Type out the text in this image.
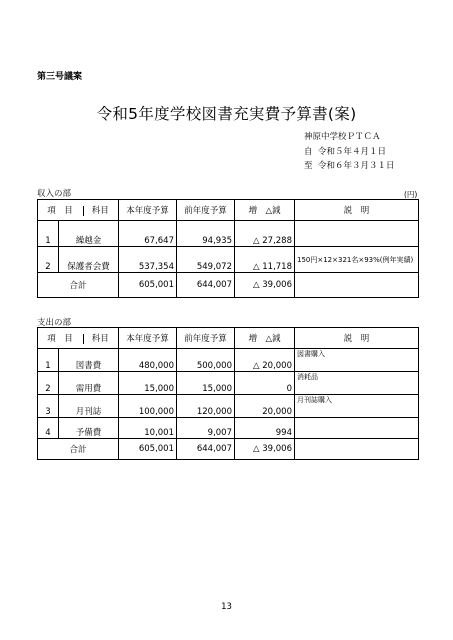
第三号議案
令和5年度学校図書充実費予算書(案)
神原中学校ＰＴＣＡ
自 令和５年４月１日
至 令和６年３月３１日
収入の部	(円)
項　目 科目		本年度予算	前年度予算	増　△減	説　明
1	繰越金	67,647	94,935	△ 27,288	
2	保護者会費	537,354	549,072	△ 11,718	150円×12×321名×93%(例年実績)
合計		605,001	644,007	△ 39,006	
支出の部
項　目 科目		本年度予算	前年度予算	増　△減	説　明
1	図書費	480,000	500,000	△ 20,000	図書購入
2	需用費	15,000	15,000	0	消耗品
3	月刊誌	100,000	120,000	20,000	月刊誌購入
4	予備費	10,001	9,007	994	
合計		605,001	644,007	△ 39,006	
13
